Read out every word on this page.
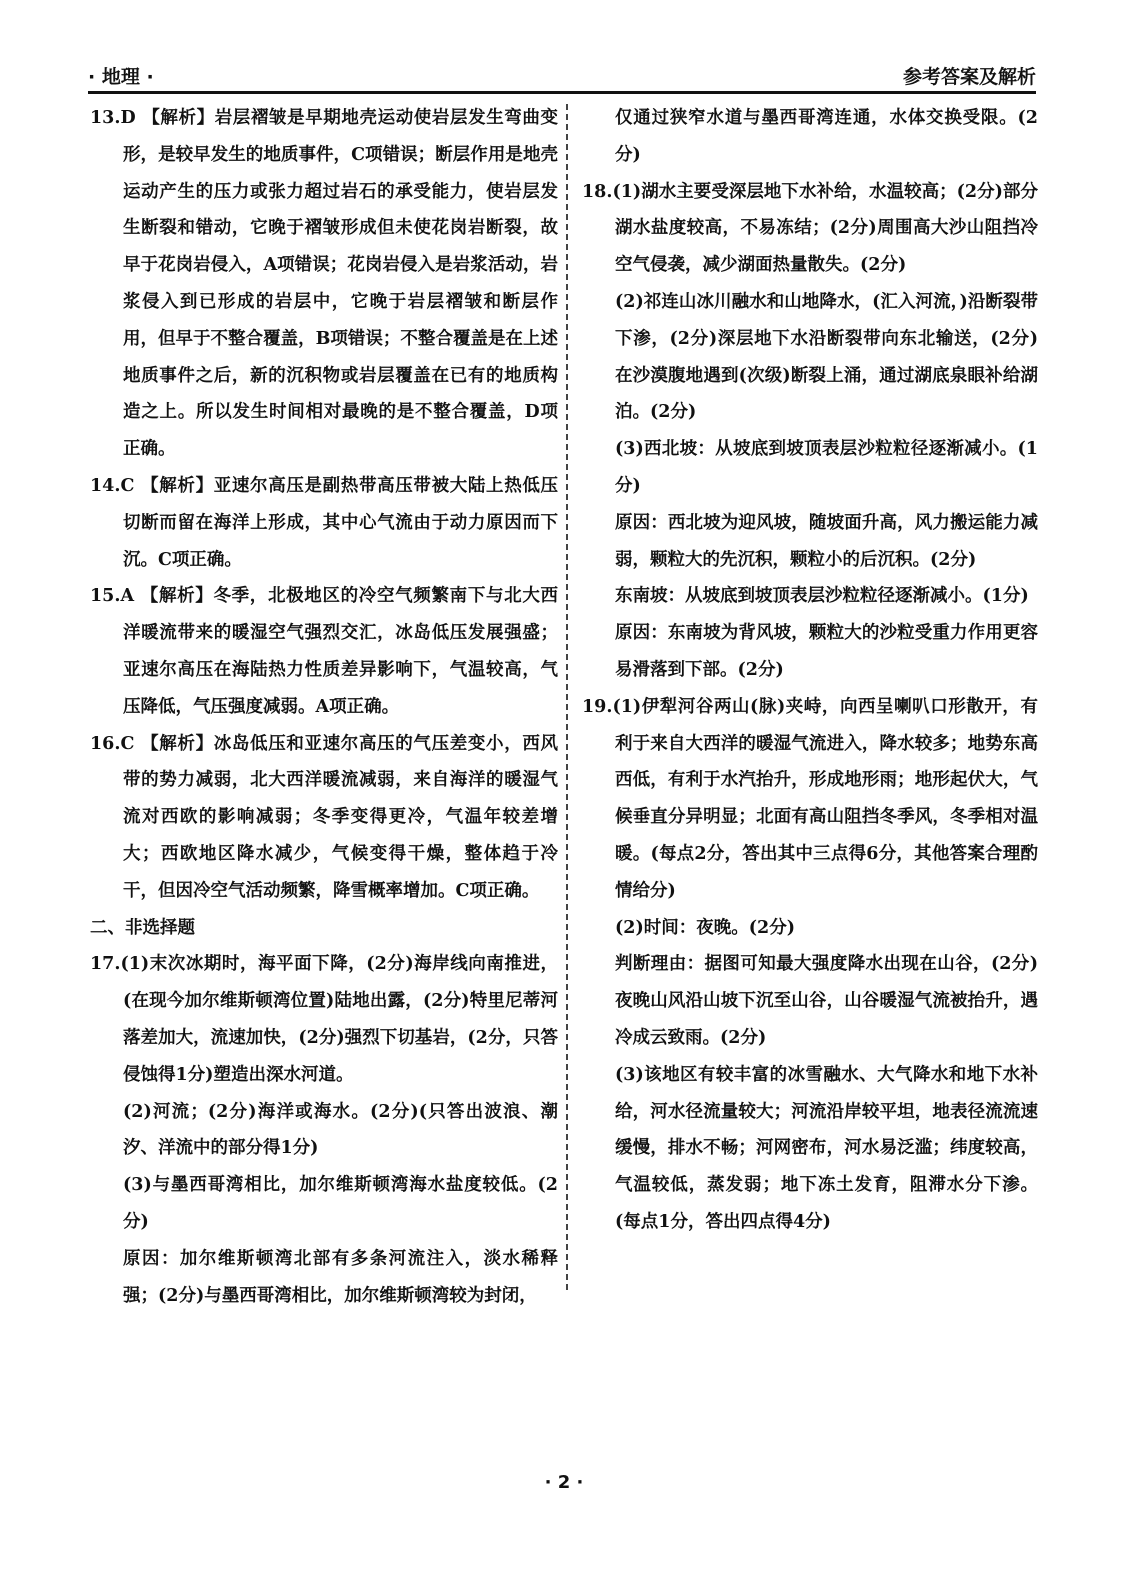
· 地理 ·	参考答案及解析

13.D 【解析】岩层褶皱是早期地壳运动使岩层发生弯曲变形，是较早发生的地质事件，C项错误；断层作用是地壳运动产生的压力或张力超过岩石的承受能力，使岩层发生断裂和错动，它晚于褶皱形成但未使花岗岩断裂，故早于花岗岩侵入，A项错误；花岗岩侵入是岩浆活动，岩浆侵入到已形成的岩层中，它晚于岩层褶皱和断层作用，但早于不整合覆盖，B项错误；不整合覆盖是在上述地质事件之后，新的沉积物或岩层覆盖在已有的地质构造之上。所以发生时间相对最晚的是不整合覆盖，D项正确。

14.C 【解析】亚速尔高压是副热带高压带被大陆上热低压切断而留在海洋上形成，其中心气流由于动力原因而下沉。C项正确。

15.A 【解析】冬季，北极地区的冷空气频繁南下与北大西洋暖流带来的暖湿空气强烈交汇，冰岛低压发展强盛；亚速尔高压在海陆热力性质差异影响下，气温较高，气压降低，气压强度减弱。A项正确。

16.C 【解析】冰岛低压和亚速尔高压的气压差变小，西风带的势力减弱，北大西洋暖流减弱，来自海洋的暖湿气流对西欧的影响减弱；冬季变得更冷，气温年较差增大；西欧地区降水减少，气候变得干燥，整体趋于冷干，但因冷空气活动频繁，降雪概率增加。C项正确。

二、非选择题

17.(1)末次冰期时，海平面下降，(2分)海岸线向南推进，(在现今加尔维斯顿湾位置)陆地出露，(2分)特里尼蒂河落差加大，流速加快，(2分)强烈下切基岩，(2分，只答侵蚀得1分)塑造出深水河道。

(2)河流；(2分)海洋或海水。(2分)(只答出波浪、潮汐、洋流中的部分得1分)

(3)与墨西哥湾相比，加尔维斯顿湾海水盐度较低。(2分)

原因：加尔维斯顿湾北部有多条河流注入，淡水稀释强；(2分)与墨西哥湾相比，加尔维斯顿湾较为封闭，

仅通过狭窄水道与墨西哥湾连通，水体交换受限。(2分)

18.(1)湖水主要受深层地下水补给，水温较高；(2分)部分湖水盐度较高，不易冻结；(2分)周围高大沙山阻挡冷空气侵袭，减少湖面热量散失。(2分)

(2)祁连山冰川融水和山地降水，(汇入河流，)沿断裂带下渗，(2分)深层地下水沿断裂带向东北输送，(2分)在沙漠腹地遇到(次级)断裂上涌，通过湖底泉眼补给湖泊。(2分)

(3)西北坡：从坡底到坡顶表层沙粒粒径逐渐减小。(1分)

原因：西北坡为迎风坡，随坡面升高，风力搬运能力减弱，颗粒大的先沉积，颗粒小的后沉积。(2分)

东南坡：从坡底到坡顶表层沙粒粒径逐渐减小。(1分)

原因：东南坡为背风坡，颗粒大的沙粒受重力作用更容易滑落到下部。(2分)

19.(1)伊犁河谷两山(脉)夹峙，向西呈喇叭口形散开，有利于来自大西洋的暖湿气流进入，降水较多；地势东高西低，有利于水汽抬升，形成地形雨；地形起伏大，气候垂直分异明显；北面有高山阻挡冬季风，冬季相对温暖。(每点2分，答出其中三点得6分，其他答案合理酌情给分)

(2)时间：夜晚。(2分)

判断理由：据图可知最大强度降水出现在山谷，(2分)夜晚山风沿山坡下沉至山谷，山谷暖湿气流被抬升，遇冷成云致雨。(2分)

(3)该地区有较丰富的冰雪融水、大气降水和地下水补给，河水径流量较大；河流沿岸较平坦，地表径流流速缓慢，排水不畅；河网密布，河水易泛滥；纬度较高，气温较低，蒸发弱；地下冻土发育，阻滞水分下渗。(每点1分，答出四点得4分)

· 2 ·
